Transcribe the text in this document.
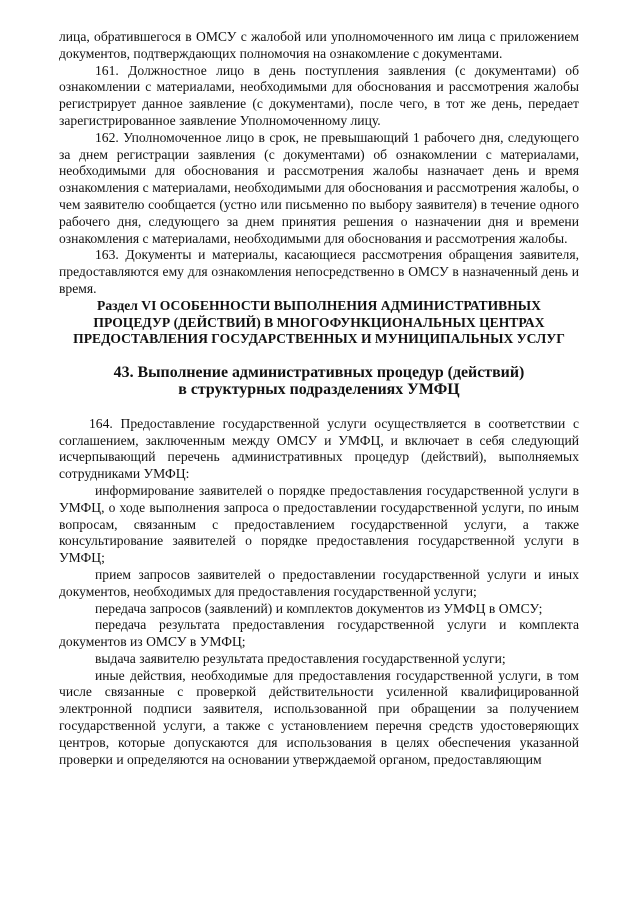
лица, обратившегося в ОМСУ с жалобой или уполномоченного им лица с приложением документов, подтверждающих полномочия на ознакомление с документами.

161. Должностное лицо в день поступления заявления (с документами) об ознакомлении с материалами, необходимыми для обоснования и рассмотрения жалобы регистрирует данное заявление (с документами), после чего, в тот же день, передает зарегистрированное заявление Уполномоченному лицу.

162. Уполномоченное лицо в срок, не превышающий 1 рабочего дня, следующего за днем регистрации заявления (с документами) об ознакомлении с материалами, необходимыми для обоснования и рассмотрения жалобы назначает день и время ознакомления с материалами, необходимыми для обоснования и рассмотрения жалобы, о чем заявителю сообщается (устно или письменно по выбору заявителя) в течение одного рабочего дня, следующего за днем принятия решения о назначении дня и времени ознакомления с материалами, необходимыми для обоснования и рассмотрения жалобы.

163. Документы и материалы, касающиеся рассмотрения обращения заявителя, предоставляются ему для ознакомления непосредственно в ОМСУ в назначенный день и время.

Раздел VI ОСОБЕННОСТИ ВЫПОЛНЕНИЯ АДМИНИСТРАТИВНЫХ
ПРОЦЕДУР (ДЕЙСТВИЙ) В МНОГОФУНКЦИОНАЛЬНЫХ ЦЕНТРАХ
ПРЕДОСТАВЛЕНИЯ ГОСУДАРСТВЕННЫХ И МУНИЦИПАЛЬНЫХ УСЛУГ
43. Выполнение административных процедур (действий)
в структурных подразделениях УМФЦ

164. Предоставление государственной услуги осуществляется в соответствии с соглашением, заключенным между ОМСУ и УМФЦ, и включает в себя следующий исчерпывающий перечень административных процедур (действий), выполняемых сотрудниками УМФЦ:

информирование заявителей о порядке предоставления государственной услуги в УМФЦ, о ходе выполнения запроса о предоставлении государственной услуги, по иным вопросам, связанным с предоставлением государственной услуги, а также консультирование заявителей о порядке предоставления государственной услуги в УМФЦ;

прием запросов заявителей о предоставлении государственной услуги и иных документов, необходимых для предоставления государственной услуги;

передача запросов (заявлений) и комплектов документов из УМФЦ в ОМСУ;

передача результата предоставления государственной услуги и комплекта документов из ОМСУ в УМФЦ;

выдача заявителю результата предоставления государственной услуги;

иные действия, необходимые для предоставления государственной услуги, в том числе связанные с проверкой действительности усиленной квалифицированной электронной подписи заявителя, использованной при обращении за получением государственной услуги, а также с установлением перечня средств удостоверяющих центров, которые допускаются для использования в целях обеспечения указанной проверки и определяются на основании утверждаемой органом, предоставляющим
